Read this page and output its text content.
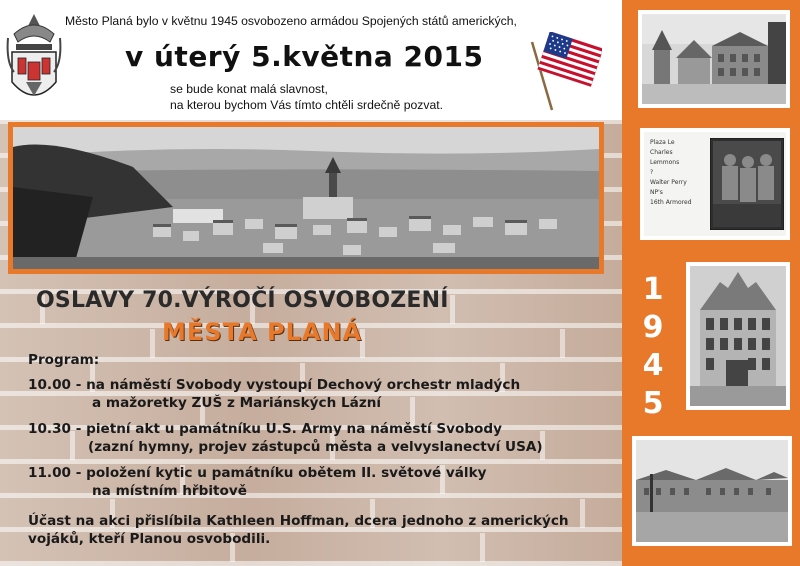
Město Planá bylo v květnu 1945 osvobozeno armádou Spojených států amerických,
v úterý 5.května 2015
se bude konat malá slavnost,
na kterou bychom Vás tímto chtěli srdečně pozvat.
Plaza Le
Charles
Lemmons
?
Walter Perry
NP's
16th Armored
1
9
4
5
OSLAVY 70.VÝROČÍ OSVOBOZENÍ
MĚSTA PLANÁ
Program:
10.00 - na náměstí Svobody vystoupí Dechový orchestr mladých
a mažoretky ZUŠ z Mariánských Lázní
10.30 - pietní akt u památníku U.S. Army na náměstí Svobody
(zazní hymny, projev zástupců města a velvyslanectví USA)
11.00 - položení kytic u památníku obětem II. světové války
na místním hřbitově
Účast na akci přislíbila Kathleen Hoffman, dcera jednoho z amerických
vojáků, kteří Planou osvobodili.
